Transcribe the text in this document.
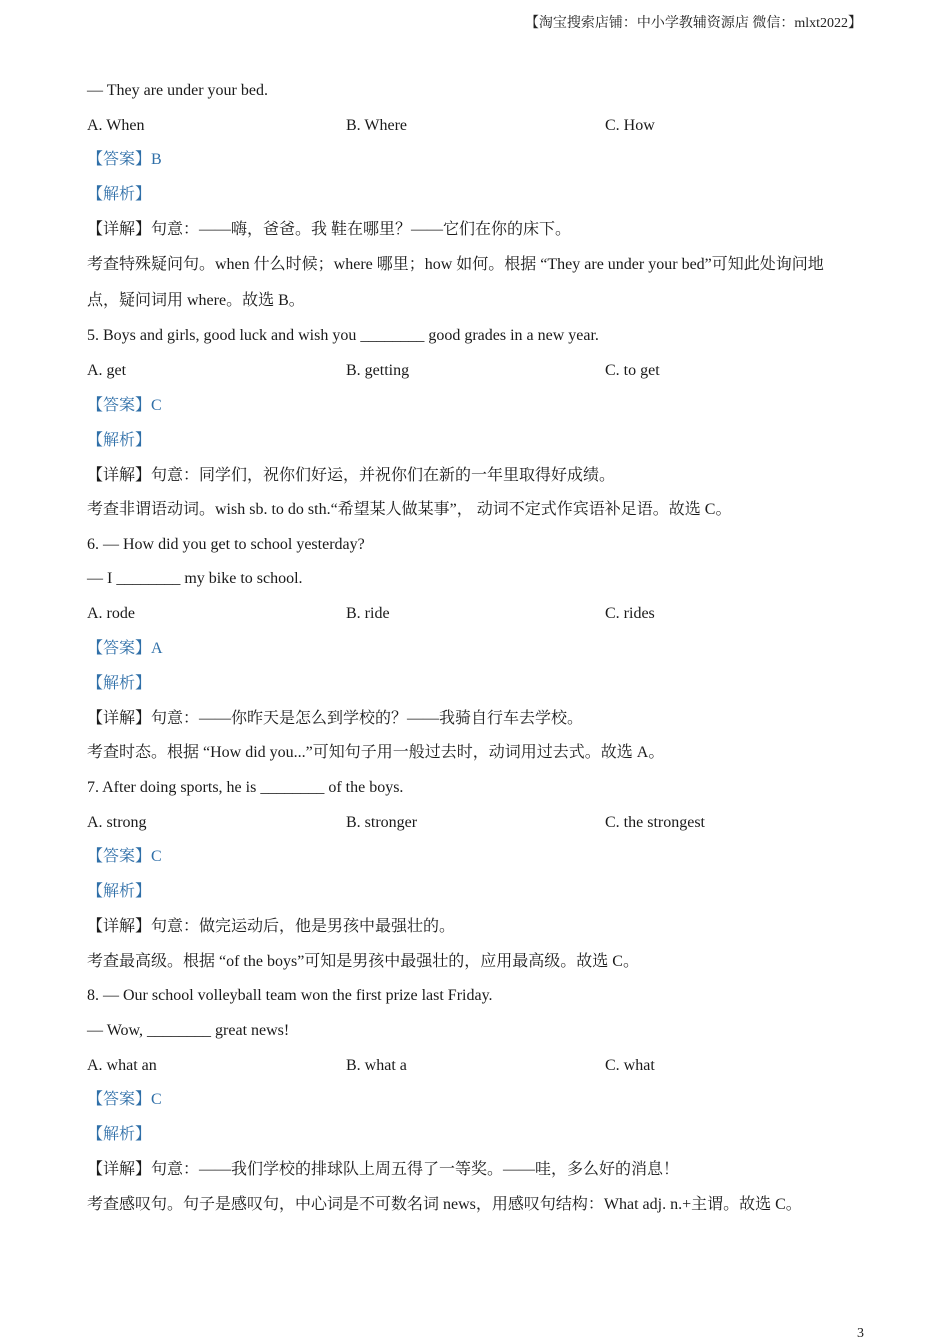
【淘宝搜索店铺：中小学教辅资源店 微信：mlxt2022】
— They are under your bed.
A. When	B. Where	C. How
【答案】B
【解析】
【详解】句意：——嗨，爸爸。我 鞋在哪里？——它们在你的床下。
考查特殊疑问句。when 什么时候；where 哪里；how 如何。根据 “They are under your bed”可知此处询问地
点，疑问词用 where。故选 B。
5. Boys and girls, good luck and wish you ________ good grades in a new year.
A. get	B. getting	C. to get
【答案】C
【解析】
【详解】句意：同学们，祝你们好运，并祝你们在新的一年里取得好成绩。
考查非谓语动词。wish sb. to do sth.“希望某人做某事”， 动词不定式作宾语补足语。故选 C。
6. — How did you get to school yesterday?
— I ________ my bike to school.
A. rode	B. ride	C. rides
【答案】A
【解析】
【详解】句意：——你昨天是怎么到学校的？——我骑自行车去学校。
考查时态。根据 “How did you...”可知句子用一般过去时，动词用过去式。故选 A。
7. After doing sports, he is ________ of the boys.
A. strong	B. stronger	C. the strongest
【答案】C
【解析】
【详解】句意：做完运动后，他是男孩中最强壮的。
考查最高级。根据 “of the boys”可知是男孩中最强壮的，应用最高级。故选 C。
8. — Our school volleyball team won the first prize last Friday.
— Wow, ________ great news!
A. what an	B. what a	C. what
【答案】C
【解析】
【详解】句意：——我们学校的排球队上周五得了一等奖。——哇，多么好的消息！
考查感叹句。句子是感叹句，中心词是不可数名词 news，用感叹句结构：What adj. n.+主谓。故选 C。
3
